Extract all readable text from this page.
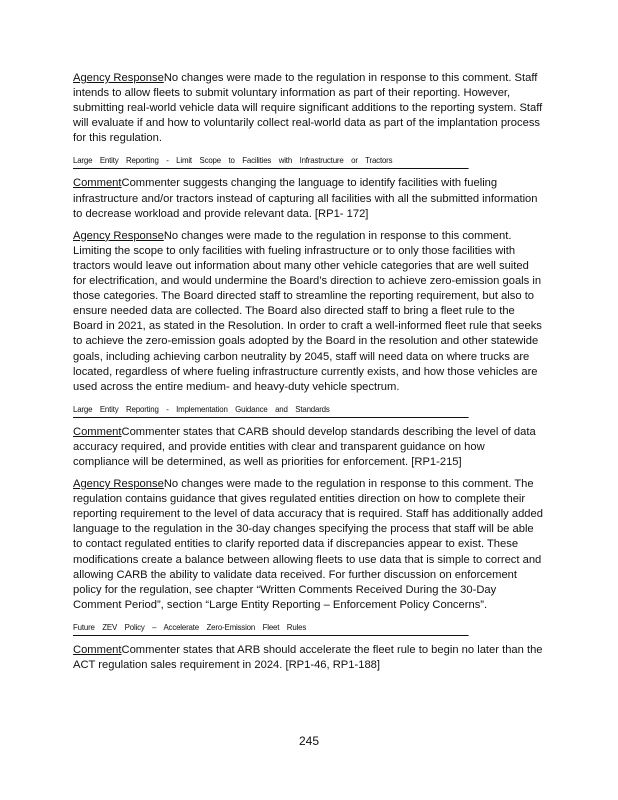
Agency ResponseNo changes were made to the regulation in response to this comment. Staff intends to allow fleets to submit voluntary information as part of their reporting. However, submitting real-world vehicle data will require significant additions to the reporting system. Staff will evaluate if and how to voluntarily collect real-world data as part of the implantation process for this regulation.

Large Entity Reporting - Limit Scope to Facilities with Infrastructure or Tractors

CommentCommenter suggests changing the language to identify facilities with fueling infrastructure and/or tractors instead of capturing all facilities with all the submitted information to decrease workload and provide relevant data. [RP1- 172]

Agency ResponseNo changes were made to the regulation in response to this comment. Limiting the scope to only facilities with fueling infrastructure or to only those facilities with tractors would leave out information about many other vehicle categories that are well suited for electrification, and would undermine the Board’s direction to achieve zero-emission goals in those categories. The Board directed staff to streamline the reporting requirement, but also to ensure needed data are collected. The Board also directed staff to bring a fleet rule to the Board in 2021, as stated in the Resolution. In order to craft a well-informed fleet rule that seeks to achieve the zero-emission goals adopted by the Board in the resolution and other statewide goals, including achieving carbon neutrality by 2045, staff will need data on where trucks are located, regardless of where fueling infrastructure currently exists, and how those vehicles are used across the entire medium- and heavy-duty vehicle spectrum.

Large Entity Reporting - Implementation Guidance and Standards

CommentCommenter states that CARB should develop standards describing the level of data accuracy required, and provide entities with clear and transparent guidance on how compliance will be determined, as well as priorities for enforcement. [RP1-215]

Agency ResponseNo changes were made to the regulation in response to this comment. The regulation contains guidance that gives regulated entities direction on how to complete their reporting requirement to the level of data accuracy that is required. Staff has additionally added language to the regulation in the 30-day changes specifying the process that staff will be able to contact regulated entities to clarify reported data if discrepancies appear to exist. These modifications create a balance between allowing fleets to use data that is simple to correct and allowing CARB the ability to validate data received. For further discussion on enforcement policy for the regulation, see chapter “Written Comments Received During the 30-Day Comment Period”, section “Large Entity Reporting – Enforcement Policy Concerns”.

Future ZEV Policy – Accelerate Zero-Emission Fleet Rules

CommentCommenter states that ARB should accelerate the fleet rule to begin no later than the ACT regulation sales requirement in 2024. [RP1-46, RP1-188]

245
